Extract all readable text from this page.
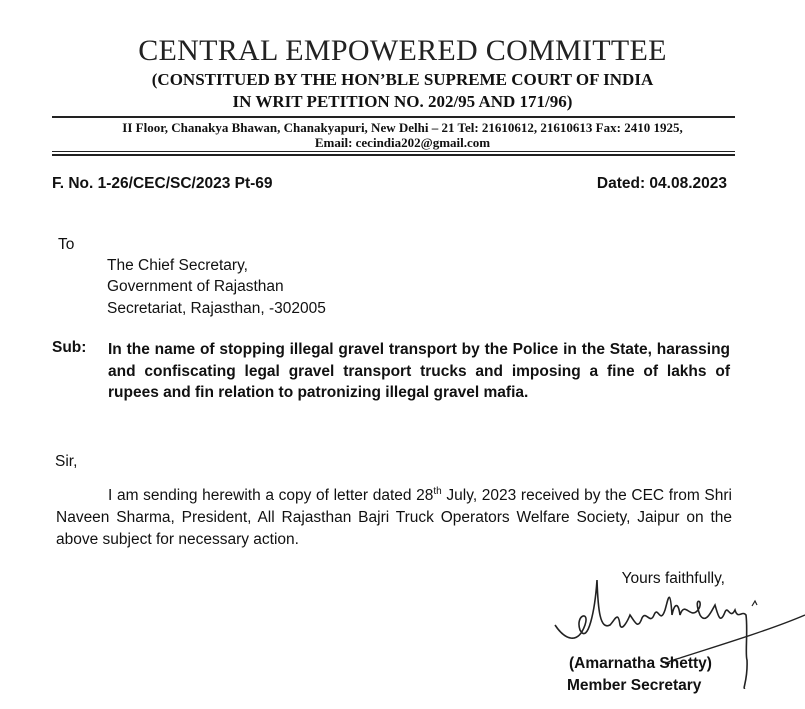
CENTRAL EMPOWERED COMMITTEE
(CONSTITUED BY THE HON’BLE SUPREME COURT OF INDIA
IN WRIT PETITION NO. 202/95 AND 171/96)
II Floor, Chanakya Bhawan, Chanakyapuri, New Delhi – 21 Tel: 21610612, 21610613 Fax: 2410 1925,
Email: cecindia202@gmail.com
F. No. 1-26/CEC/SC/2023 Pt-69	Dated: 04.08.2023
To
The Chief Secretary,
Government of Rajasthan
Secretariat, Rajasthan, -302005
Sub: In the name of stopping illegal gravel transport by the Police in the State, harassing and confiscating legal gravel transport trucks and imposing a fine of lakhs of rupees and fin relation to patronizing illegal gravel mafia.
Sir,
I am sending herewith a copy of letter dated 28th July, 2023 received by the CEC from Shri Naveen Sharma, President, All Rajasthan Bajri Truck Operators Welfare Society, Jaipur on the above subject for necessary action.
Yours faithfully,
(Amarnatha Shetty)
Member Secretary
